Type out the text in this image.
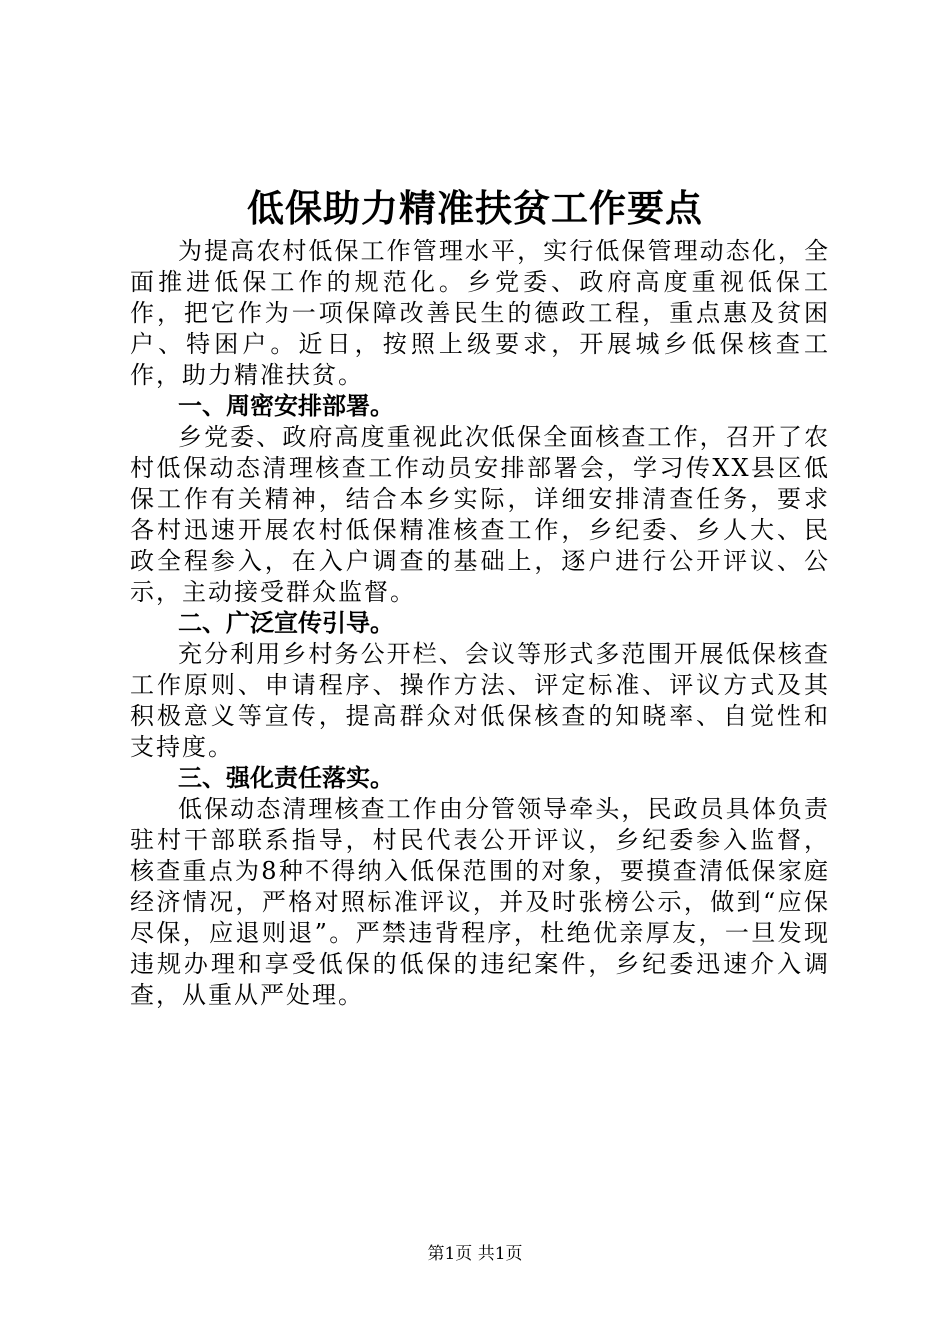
低保助力精准扶贫工作要点

为提高农村低保工作管理水平，实行低保管理动态化，全面推进低保工作的规范化。乡党委、政府高度重视低保工作，把它作为一项保障改善民生的德政工程，重点惠及贫困户、特困户。近日，按照上级要求，开展城乡低保核查工作，助力精准扶贫。

一、周密安排部署。

乡党委、政府高度重视此次低保全面核查工作，召开了农村低保动态清理核查工作动员安排部署会，学习传XX县区低保工作有关精神，结合本乡实际，详细安排清查任务，要求各村迅速开展农村低保精准核查工作，乡纪委、乡人大、民政全程参入，在入户调查的基础上，逐户进行公开评议、公示，主动接受群众监督。

二、广泛宣传引导。

充分利用乡村务公开栏、会议等形式多范围开展低保核查工作原则、申请程序、操作方法、评定标准、评议方式及其积极意义等宣传，提高群众对低保核查的知晓率、自觉性和支持度。

三、强化责任落实。

低保动态清理核查工作由分管领导牵头，民政员具体负责驻村干部联系指导，村民代表公开评议，乡纪委参入监督，核查重点为8种不得纳入低保范围的对象，要摸查清低保家庭经济情况，严格对照标准评议，并及时张榜公示，做到“应保尽保，应退则退”。严禁违背程序，杜绝优亲厚友，一旦发现违规办理和享受低保的低保的违纪案件，乡纪委迅速介入调查，从重从严处理。

第1页 共1页
